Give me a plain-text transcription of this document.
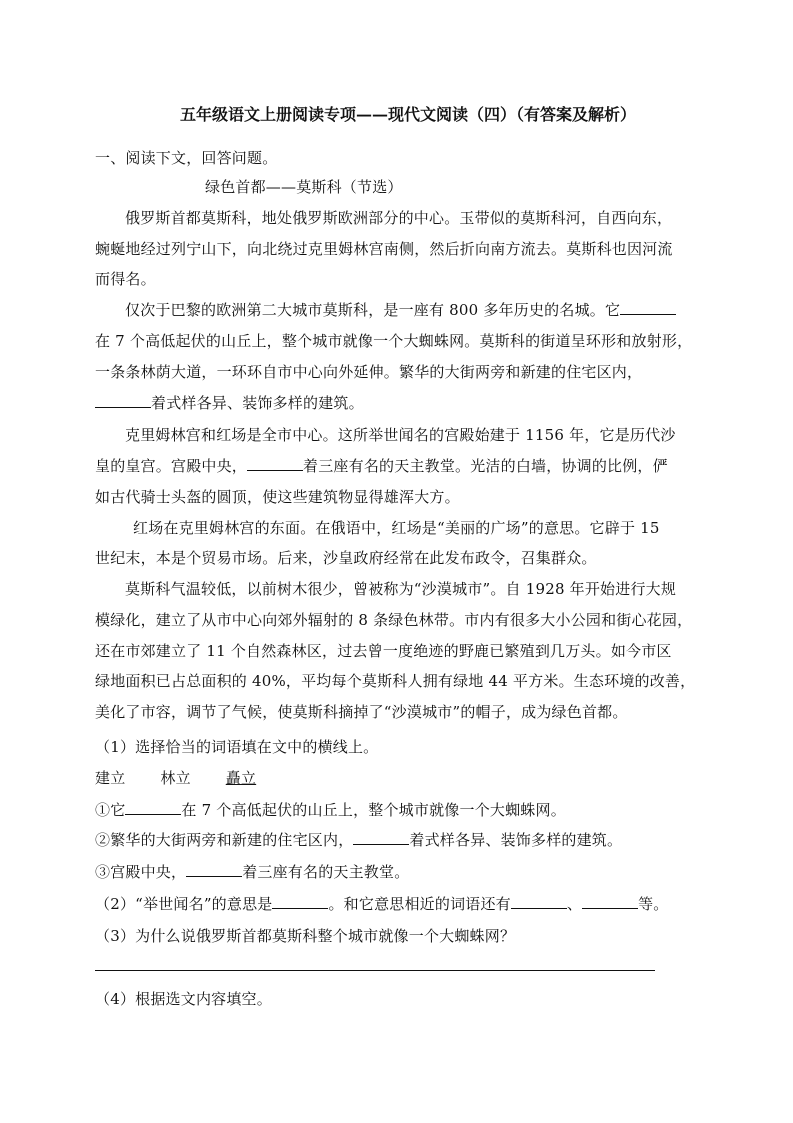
五年级语文上册阅读专项——现代文阅读（四）（有答案及解析）
一、阅读下文，回答问题。
绿色首都——莫斯科（节选）
俄罗斯首都莫斯科，地处俄罗斯欧洲部分的中心。玉带似的莫斯科河，自西向东，
蜿蜒地经过列宁山下，向北绕过克里姆林宫南侧，然后折向南方流去。莫斯科也因河流
而得名。
仅次于巴黎的欧洲第二大城市莫斯科，是一座有 800 多年历史的名城。它
在 7 个高低起伏的山丘上，整个城市就像一个大蜘蛛网。莫斯科的街道呈环形和放射形，
一条条林荫大道，一环环自市中心向外延伸。繁华的大街两旁和新建的住宅区内，
着式样各异、装饰多样的建筑。
克里姆林宫和红场是全市中心。这所举世闻名的宫殿始建于 1156 年，它是历代沙
皇的皇宫。宫殿中央，	着三座有名的天主教堂。光洁的白墙，协调的比例，俨
如古代骑士头盔的圆顶，使这些建筑物显得雄浑大方。
红场在克里姆林宫的东面。在俄语中，红场是“美丽的广场”的意思。它辟于 15
世纪末，本是个贸易市场。后来，沙皇政府经常在此发布政令，召集群众。
莫斯科气温较低，以前树木很少，曾被称为“沙漠城市”。自 1928 年开始进行大规
模绿化，建立了从市中心向郊外辐射的 8 条绿色林带。市内有很多大小公园和街心花园，
还在市郊建立了 11 个自然森林区，过去曾一度绝迹的野鹿已繁殖到几万头。如今市区
绿地面积已占总面积的 40%，平均每个莫斯科人拥有绿地 44 平方米。生态环境的改善，
美化了市容，调节了气候，使莫斯科摘掉了“沙漠城市”的帽子，成为绿色首都。
（1）选择恰当的词语填在文中的横线上。
建立 林立 矗立
①它	在 7 个高低起伏的山丘上，整个城市就像一个大蜘蛛网。
②繁华的大街两旁和新建的住宅区内，	着式样各异、装饰多样的建筑。
③宫殿中央，	着三座有名的天主教堂。
（2）“举世闻名”的意思是	。和它意思相近的词语还有	、	等。
（3）为什么说俄罗斯首都莫斯科整个城市就像一个大蜘蛛网？
（4）根据选文内容填空。
